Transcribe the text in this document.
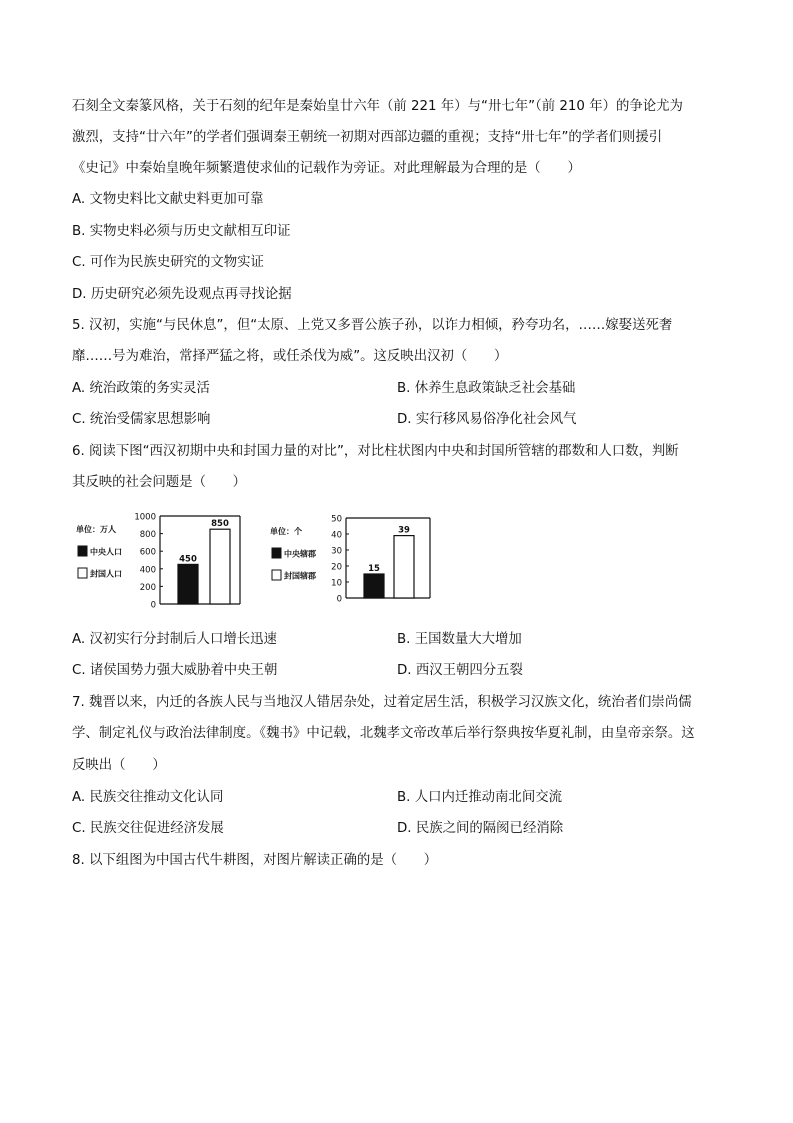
石刻全文秦篆风格，关于石刻的纪年是秦始皇廿六年（前 221 年）与“卅七年”（前 210 年）的争论尤为
激烈，支持“廿六年”的学者们强调秦王朝统一初期对西部边疆的重视；支持“卅七年”的学者们则援引
《史记》中秦始皇晚年频繁遣使求仙的记载作为旁证。对此理解最为合理的是（　　）
A. 文物史料比文献史料更加可靠
B. 实物史料必须与历史文献相互印证
C. 可作为民族史研究的文物实证
D. 历史研究必须先设观点再寻找论据
5. 汉初，实施“与民休息”，但“太原、上党又多晋公族子孙，以诈力相倾，矜夸功名，……嫁娶送死奢
靡……号为难治，常择严猛之将，或任杀伐为威”。这反映出汉初（　　）
A. 统治政策的务实灵活	B. 休养生息政策缺乏社会基础
C. 统治受儒家思想影响	D. 实行移风易俗净化社会风气
6. 阅读下图“西汉初期中央和封国力量的对比”，对比柱状图内中央和封国所管辖的郡数和人口数，判断
其反映的社会问题是（　　）
0
200
400
600
800
1000
450
850
单位：万人
中央人口
封国人口
0
10
20
30
40
50
15
39
单位：个
中央辖郡
封国辖郡
A. 汉初实行分封制后人口增长迅速	B. 王国数量大大增加
C. 诸侯国势力强大威胁着中央王朝	D. 西汉王朝四分五裂
7. 魏晋以来，内迁的各族人民与当地汉人错居杂处，过着定居生活，积极学习汉族文化，统治者们崇尚儒
学、制定礼仪与政治法律制度。《魏书》中记载，北魏孝文帝改革后举行祭典按华夏礼制，由皇帝亲祭。这
反映出（　　）
A. 民族交往推动文化认同	B. 人口内迁推动南北间交流
C. 民族交往促进经济发展	D. 民族之间的隔阂已经消除
8. 以下组图为中国古代牛耕图，对图片解读正确的是（　　）
